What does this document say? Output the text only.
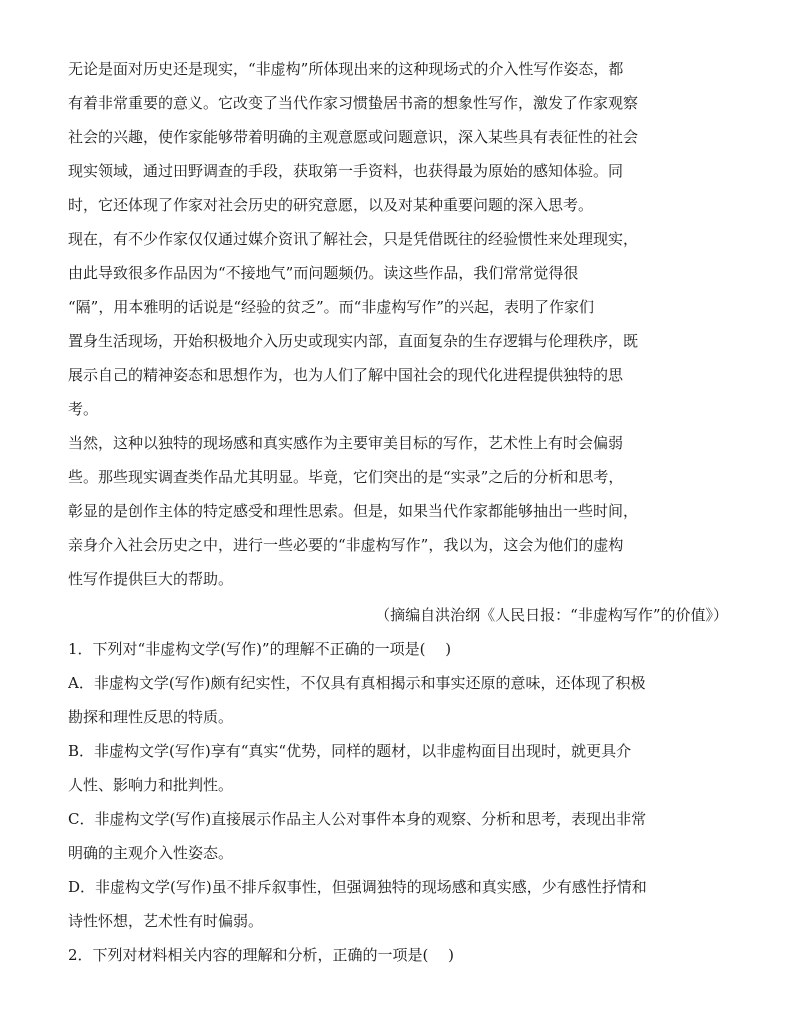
无论是面对历史还是现实，“非虚构”所体现出来的这种现场式的介入性写作姿态，都
有着非常重要的意义。它改变了当代作家习惯蛰居书斋的想象性写作，激发了作家观察
社会的兴趣，使作家能够带着明确的主观意愿或问题意识，深入某些具有表征性的社会
现实领域，通过田野调查的手段，获取第一手资料，也获得最为原始的感知体验。同
时，它还体现了作家对社会历史的研究意愿，以及对某种重要问题的深入思考。
现在，有不少作家仅仅通过媒介资讯了解社会，只是凭借既往的经验惯性来处理现实，
由此导致很多作品因为“不接地气”而问题频仍。读这些作品，我们常常觉得很
“隔”，用本雅明的话说是“经验的贫乏”。而“非虚构写作”的兴起，表明了作家们
置身生活现场，开始积极地介入历史或现实内部，直面复杂的生存逻辑与伦理秩序，既
展示自己的精神姿态和思想作为，也为人们了解中国社会的现代化进程提供独特的思
考。
当然，这种以独特的现场感和真实感作为主要审美目标的写作，艺术性上有时会偏弱
些。那些现实调查类作品尤其明显。毕竟，它们突出的是“实录”之后的分析和思考，
彰显的是创作主体的特定感受和理性思索。但是，如果当代作家都能够抽出一些时间，
亲身介入社会历史之中，进行一些必要的“非虚构写作”，我以为，这会为他们的虚构
性写作提供巨大的帮助。
（摘编自洪治纲《人民日报：“非虚构写作”的价值》）
1．下列对“非虚构文学(写作)”的理解不正确的一项是(　 )
A．非虚构文学(写作)颇有纪实性，不仅具有真相揭示和事实还原的意味，还体现了积极
勘探和理性反思的特质。
B．非虚构文学(写作)享有“真实“优势，同样的题材，以非虚构面目出现时，就更具介
人性、影响力和批判性。
C．非虚构文学(写作)直接展示作品主人公对事件本身的观察、分析和思考，表现出非常
明确的主观介入性姿态。
D．非虚构文学(写作)虽不排斥叙事性，但强调独特的现场感和真实感，少有感性抒情和
诗性怀想，艺术性有时偏弱。
2．下列对材料相关内容的理解和分析，正确的一项是(　 )
